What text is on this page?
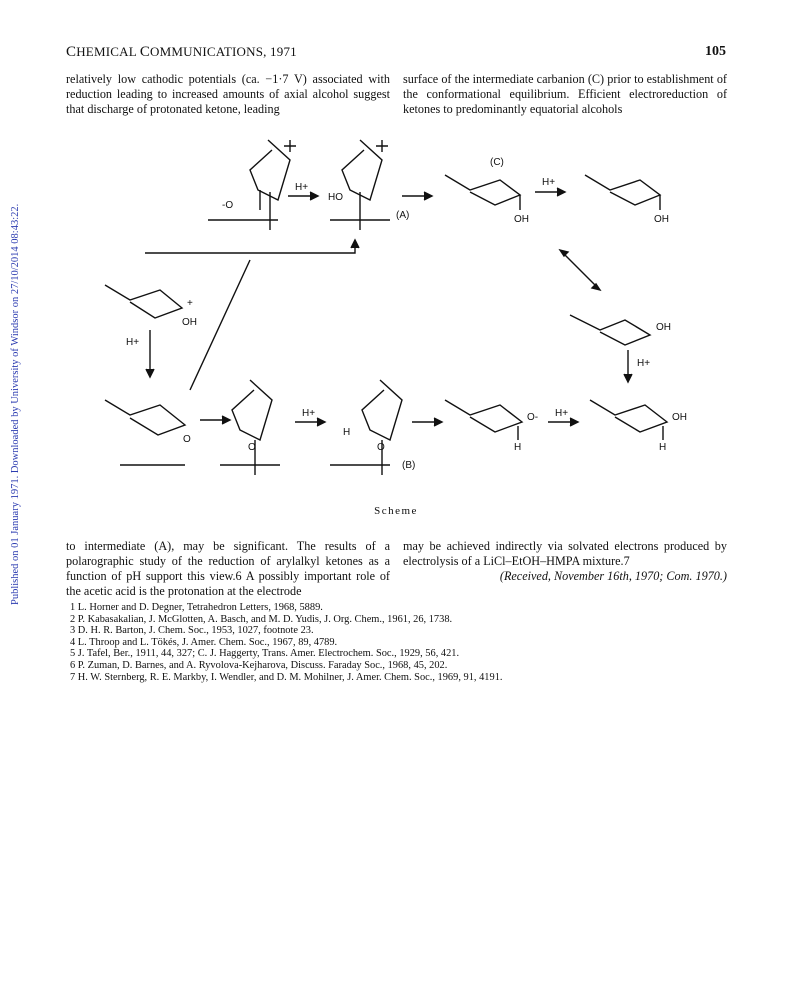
Published on 01 January 1971. Downloaded by University of Windsor on 27/10/2014 08:43:22.
CHEMICAL COMMUNICATIONS, 1971	105

relatively low cathodic potentials (ca. −1·7 V) associated with reduction leading to increased amounts of axial alcohol suggest that discharge of protonated ketone, leading

surface of the intermediate carbanion (C) prior to establishment of the conformational equilibrium. Efficient electroreduction of ketones to predominantly equatorial alcohols

-O
H+
HO
(A)
(C)
OH
H+
OH
OH
H+
OH
+
H+
O
O
H+
H
O
(B)
H
O- H+
H
OH
Scheme

to intermediate (A), may be significant. The results of a polarographic study of the reduction of arylalkyl ketones as a function of pH support this view.6 A possibly important role of the acetic acid is the protonation at the electrode

may be achieved indirectly via solvated electrons produced by electrolysis of a LiCl–EtOH–HMPA mixture.7

(Received, November 16th, 1970; Com. 1970.)

1 L. Horner and D. Degner, Tetrahedron Letters, 1968, 5889.
2 P. Kabasakalian, J. McGlotten, A. Basch, and M. D. Yudis, J. Org. Chem., 1961, 26, 1738.
3 D. H. R. Barton, J. Chem. Soc., 1953, 1027, footnote 23.
4 L. Throop and L. Tökés, J. Amer. Chem. Soc., 1967, 89, 4789.
5 J. Tafel, Ber., 1911, 44, 327; C. J. Haggerty, Trans. Amer. Electrochem. Soc., 1929, 56, 421.
6 P. Zuman, D. Barnes, and A. Ryvolova-Kejharova, Discuss. Faraday Soc., 1968, 45, 202.
7 H. W. Sternberg, R. E. Markby, I. Wendler, and D. M. Mohilner, J. Amer. Chem. Soc., 1969, 91, 4191.
